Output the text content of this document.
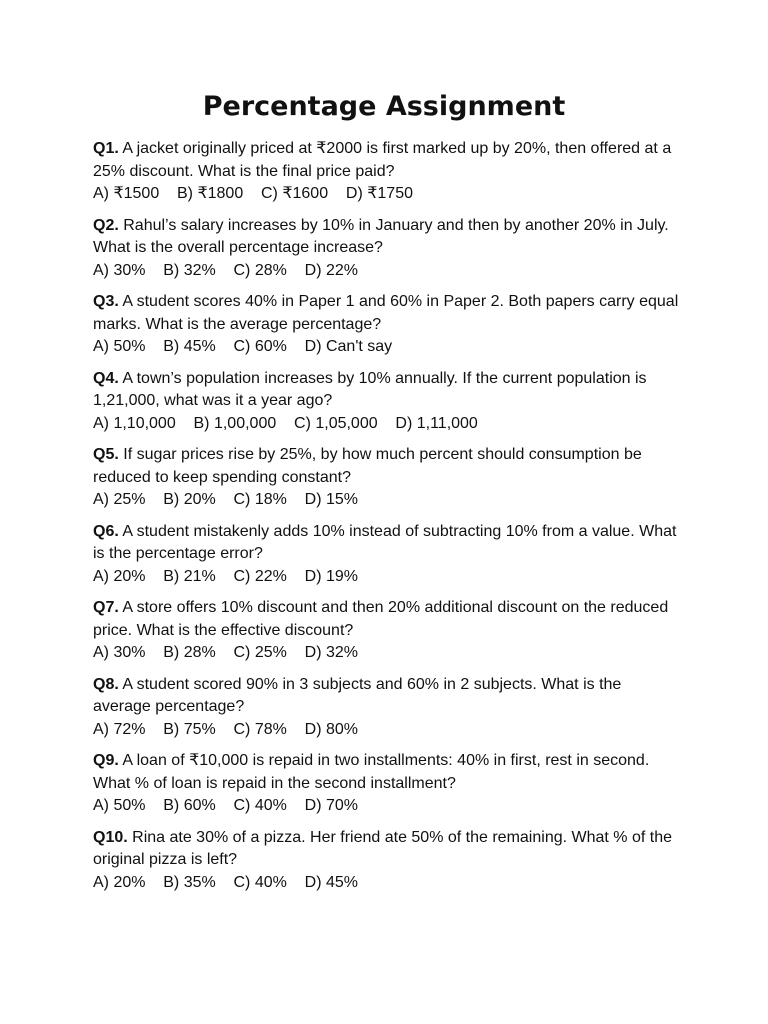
Percentage Assignment
Q1. A jacket originally priced at ₹2000 is first marked up by 20%, then offered at a 25% discount. What is the final price paid?
A) ₹1500    B) ₹1800    C) ₹1600    D) ₹1750
Q2. Rahul’s salary increases by 10% in January and then by another 20% in July. What is the overall percentage increase?
A) 30%    B) 32%    C) 28%    D) 22%
Q3. A student scores 40% in Paper 1 and 60% in Paper 2. Both papers carry equal marks. What is the average percentage?
A) 50%    B) 45%    C) 60%    D) Can't say
Q4. A town’s population increases by 10% annually. If the current population is 1,21,000, what was it a year ago?
A) 1,10,000    B) 1,00,000    C) 1,05,000    D) 1,11,000
Q5. If sugar prices rise by 25%, by how much percent should consumption be reduced to keep spending constant?
A) 25%    B) 20%    C) 18%    D) 15%
Q6. A student mistakenly adds 10% instead of subtracting 10% from a value. What is the percentage error?
A) 20%    B) 21%    C) 22%    D) 19%
Q7. A store offers 10% discount and then 20% additional discount on the reduced price. What is the effective discount?
A) 30%    B) 28%    C) 25%    D) 32%
Q8. A student scored 90% in 3 subjects and 60% in 2 subjects. What is the average percentage?
A) 72%    B) 75%    C) 78%    D) 80%
Q9. A loan of ₹10,000 is repaid in two installments: 40% in first, rest in second. What % of loan is repaid in the second installment?
A) 50%    B) 60%    C) 40%    D) 70%
Q10. Rina ate 30% of a pizza. Her friend ate 50% of the remaining. What % of the original pizza is left?
A) 20%    B) 35%    C) 40%    D) 45%
